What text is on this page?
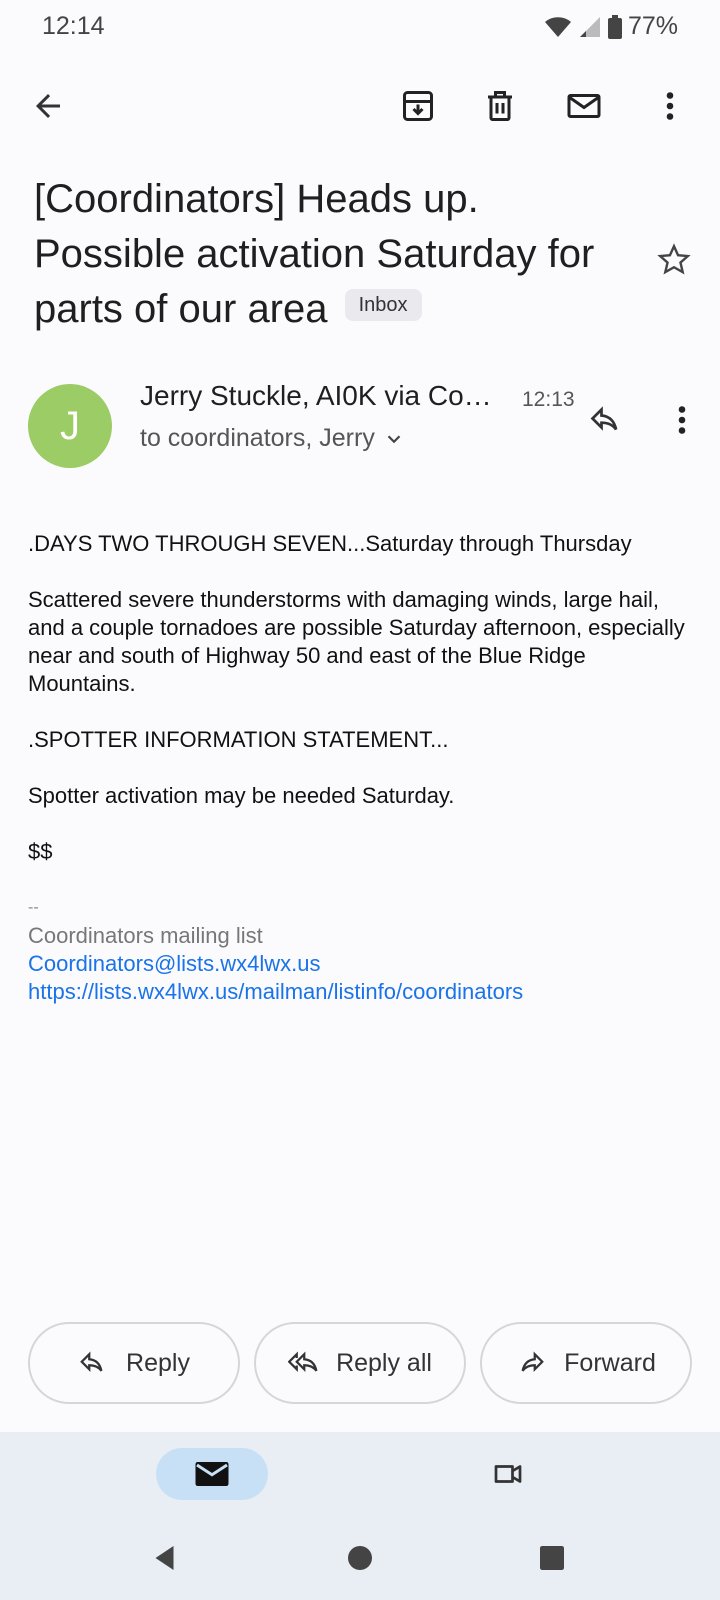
12:14	77%
[Coordinators] Heads up. Possible activation Saturday for parts of our area Inbox
J
Jerry Stuckle, AI0K via Co… 12:13
to coordinators, Jerry

.DAYS TWO THROUGH SEVEN...Saturday through Thursday

Scattered severe thunderstorms with damaging winds, large hail,
and a couple tornadoes are possible Saturday afternoon, especially
near and south of Highway 50 and east of the Blue Ridge Mountains.

.SPOTTER INFORMATION STATEMENT...

Spotter activation may be needed Saturday.

$$

--
Coordinators mailing list
Coordinators@lists.wx4lwx.us
https://lists.wx4lwx.us/mailman/listinfo/coordinators
Reply	Reply all	Forward
